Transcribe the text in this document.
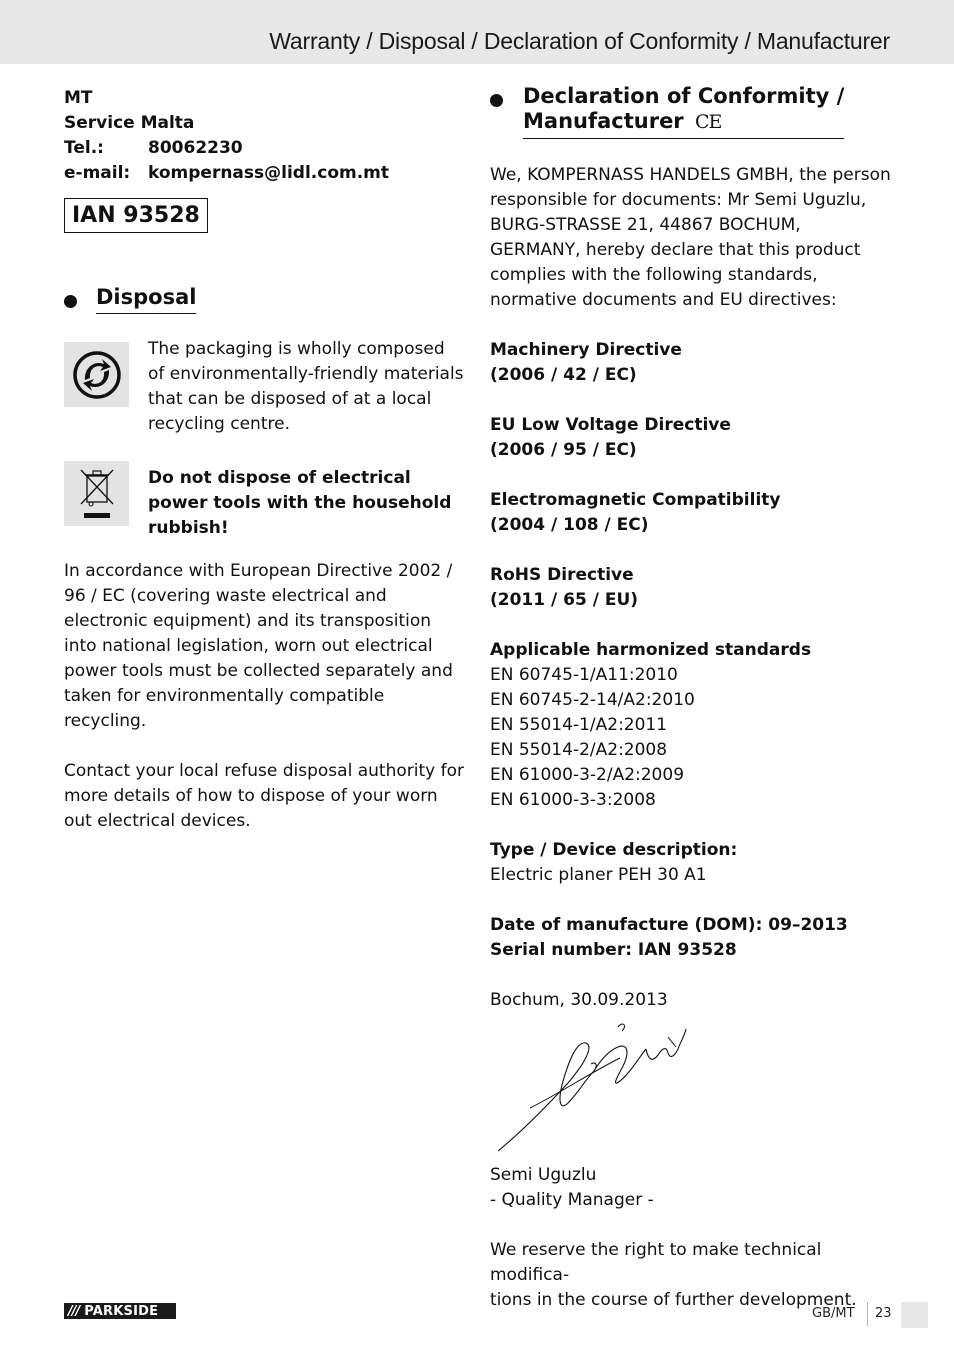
Warranty / Disposal / Declaration of Conformity / Manufacturer
MT
Service Malta
Tel.:	80062230
e-mail:	kompernass@lidl.com.mt
IAN 93528
Disposal
The packaging is wholly composed of environmentally-friendly materials that can be disposed of at a local recycling centre.
Do not dispose of electrical power tools with the household rubbish!

In accordance with European Directive 2002 / 96 / EC (covering waste electrical and electronic equipment) and its transposition into national legislation, worn out electrical power tools must be collected separately and taken for environmentally compatible recycling.

Contact your local refuse disposal authority for more details of how to dispose of your worn out electrical devices.

Declaration of Conformity /
Manufacturer CE

We, KOMPERNASS HANDELS GMBH, the person responsible for documents: Mr Semi Uguzlu, BURG-STRASSE 21, 44867 BOCHUM, GERMANY, hereby declare that this product complies with the following standards, normative documents and EU directives:

Machinery Directive
(2006 / 42 / EC)
EU Low Voltage Directive
(2006 / 95 / EC)
Electromagnetic Compatibility
(2004 / 108 / EC)
RoHS Directive
(2011 / 65 / EU)
Applicable harmonized standards
EN 60745-1/A11:2010
EN 60745-2-14/A2:2010
EN 55014-1/A2:2011
EN 55014-2/A2:2008
EN 61000-3-2/A2:2009
EN 61000-3-3:2008
Type / Device description:
Electric planer PEH 30 A1
Date of manufacture (DOM): 09–2013
Serial number: IAN 93528
Bochum, 30.09.2013
Semi Uguzlu
- Quality Manager -
We reserve the right to make technical modifica-
tions in the course of further development.
/// PARKSIDE	GB/MT 23
